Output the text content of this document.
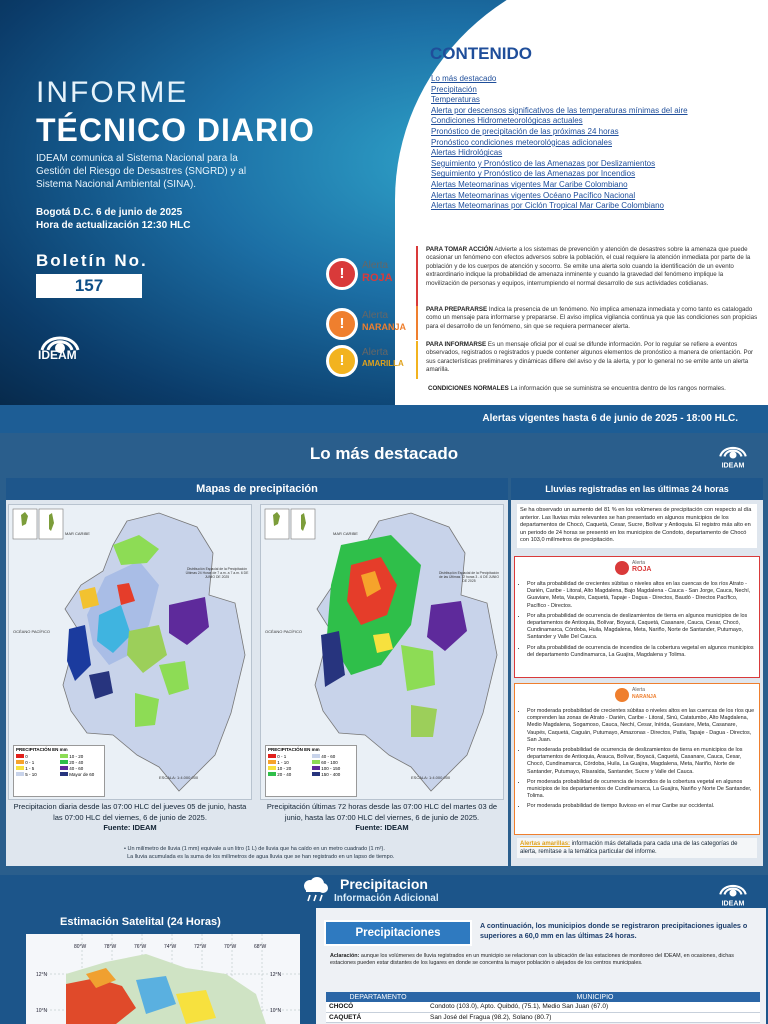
INFORME
TÉCNICO DIARIO
IDEAM comunica al Sistema Nacional para la Gestión del Riesgo de Desastres (SNGRD) y al Sistema Nacional Ambiental (SINA).
Bogotá D.C. 6 de junio de 2025
Hora de actualización 12:30 HLC
Boletín No.
157
IDEAM
CONTENIDO
Lo más destacado
Precipitación
Temperaturas
Alerta por descensos significativos de las temperaturas mínimas del aire
Condiciones Hidrometeorológicas actuales
Pronóstico de precipitación de las próximas 24 horas
Pronóstico condiciones meteorológicas adicionales
Alertas Hidrológicas
Seguimiento y Pronóstico de las Amenazas por Deslizamientos
Seguimiento y Pronóstico de las Amenazas por Incendios
Alertas Meteomarinas vigentes Mar Caribe Colombiano
Alertas Meteomarinas vigentes Océano Pacífico Nacional
Alertas Meteomarinas por Ciclón Tropical Mar Caribe Colombiano
!
Alerta
ROJA
PARA TOMAR ACCIÓN Advierte a los sistemas de prevención y atención de desastres sobre la amenaza que puede ocasionar un fenómeno con efectos adversos sobre la población, el cual requiere la atención inmediata por parte de la población y de los cuerpos de atención y socorro. Se emite una alerta solo cuando la identificación de un evento extraordinario indique la probabilidad de amenaza inminente y cuando la gravedad del fenómeno implique la movilización de personas y equipos, interrumpiendo el normal desarrollo de sus actividades cotidianas.
!
Alerta
NARANJA
PARA PREPARARSE Indica la presencia de un fenómeno. No implica amenaza inmediata y como tanto es catalogado como un mensaje para informarse y prepararse. El aviso implica vigilancia continua ya que las condiciones son propicias para el desarrollo de un fenómeno, sin que se requiera permanecer alerta.
!
Alerta
AMARILLA
PARA INFORMARSE Es un mensaje oficial por el cual se difunde información. Por lo regular se refiere a eventos observados, registrados o registrados y puede contener algunos elementos de pronóstico a manera de orientación. Por sus características preliminares y dinámicas difiere del aviso y de la alerta, y por lo general no se emite ante un alerta amarilla.
CONDICIONES NORMALES La información que se suministra se encuentra dentro de los rangos normales.
Alertas vigentes hasta 6 de junio de 2025 - 18:00 HLC.
Lo más destacado
IDEAM
Mapas de precipitación
MAR CARIBE
OCÉANO PACÍFICO
Distribución Espacial de la Precipitación Últimas 24 Horas de 7 a.m. a 7 a.m. 6 DE JUNIO DE 2025
PRECIPITACIÓN EN mm
0	10 - 20
0 - 1	20 - 40
1 - 5	40 - 60
5 - 10	Mayor de 60
ESCALA: 1:4.000.000
MAR CARIBE
OCÉANO PACÍFICO
Distribución Espacial de la Precipitación de las Últimas 72 horas 3 - 6 DE JUNIO DE 2025
PRECIPITACIÓN EN mm
0 - 1	40 - 60
1 - 10	60 - 100
10 - 20	100 - 150
20 - 40	150 - 400
ESCALA: 1:4.000.000
Precipitacion diaria desde las 07:00 HLC del jueves 05 de junio, hasta las 07:00 HLC del viernes, 6 de junio de 2025.
Fuente: IDEAM
Precipitación últimas 72 horas desde las 07:00 HLC del martes 03 de junio, hasta las 07:00 HLC del viernes, 6 de junio de 2025.
Fuente: IDEAM
• Un milímetro de lluvia (1 mm) equivale a un litro (1 L) de lluvia que ha caído en un metro cuadrado (1 m²).
La lluvia acumulada es la suma de los milímetros de agua lluvia que se han registrado en un lapso de tiempo.
Lluvias registradas en las últimas 24 horas
Se ha observado un aumento del 81 % en los volúmenes de precipitación con respecto al día anterior. Las lluvias más relevantes se han presentado en algunos municipios de los departamentos de Chocó, Caquetá, Cesar, Sucre, Bolívar y Antioquia. El registro más alto en un periodo de 24 horas se presentó en los municipios de Condoto, departamento de Chocó con 103,0 milímetros de precipitación.
Alerta
ROJA
• Por alta probabilidad de crecientes súbitas o niveles altos en las cuencas de los ríos Atrato - Darién, Caribe - Litoral, Alto Magdalena, Bajo Magdalena - Cauca - San Jorge, Cauca, Nechí, Guaviare, Meta, Vaupés, Caquetá, Tapaje - Dagua - Directos, Baudó - Directos Pacífico, Pacífico - Directos.
• Por alta probabilidad de ocurrencia de deslizamientos de tierra en algunos municipios de los departamentos de Antioquia, Bolívar, Boyacá, Caquetá, Casanare, Cauca, Cesar, Chocó, Cundinamarca, Córdoba, Huila, Magdalena, Meta, Nariño, Norte de Santander, Putumayo, Santander y Valle Del Cauca.
• Por alta probabilidad de ocurrencia de incendios de la cobertura vegetal en algunos municipios del departamento Cundinamarca, La Guajira, Magdalena y Tolima.
Alerta
NARANJA
• Por moderada probabilidad de crecientes súbitas o niveles altos en las cuencas de los ríos que comprenden las zonas de Atrato - Darién, Caribe - Litoral, Sinú, Catatumbo, Alto Magdalena, Medio Magdalena, Sogamoso, Cauca, Nechí, Cesar, Inírida, Guaviare, Meta, Casanare, Vaupés, Caquetá, Caguán, Putumayo, Amazonas - Directos, Patía, Tapaje - Dagua - Directos, San Juan.
• Por moderada probabilidad de ocurrencia de deslizamientos de tierra en municipios de los departamentos de Antioquia, Arauca, Bolívar, Boyacá, Caquetá, Casanare, Cauca, Cesar, Chocó, Cundinamarca, Córdoba, Huila, La Guajira, Magdalena, Meta, Nariño, Norte de Santander, Putumayo, Risaralda, Santander, Sucre y Valle del Cauca.
• Por moderada probabilidad de ocurrencia de incendios de la cobertura vegetal en algunos municipios de los departamentos de Cundinamarca, La Guajira, Nariño y Norte De Santander, Tolima.
• Por moderada probabilidad de tiempo lluvioso en el mar Caribe sur occidental.
Alertas amarillas: información más detallada para cada una de las categorías de alerta, remítase a la temática particular del informe.
Precipitacion
Información Adicional	IDEAM
Estimación Satelital (24 Horas)
80°W	78°W	76°W	74°W	72°W	70°W	68°W
12°N
10°N
12°N
10°N
Precipitaciones
A continuación, los municipios donde se registraron precipitaciones iguales o superiores a 60,0 mm en las últimas 24 horas.
Aclaración: aunque los volúmenes de lluvia registrados en un municipio se relacionan con la ubicación de las estaciones de monitoreo del IDEAM, en ocasiones, dichas estaciones pueden estar distantes de los lugares en donde se concentra la mayor población o alejados de los centros municipales.
DEPARTAMENTO	MUNICIPIO
CHOCÓ	Condoto (103.0), Apto. Quibdó, (75.1), Medio San Juan (67.0)
CAQUETÁ	San José del Fragua (98.2), Solano (80.7)
